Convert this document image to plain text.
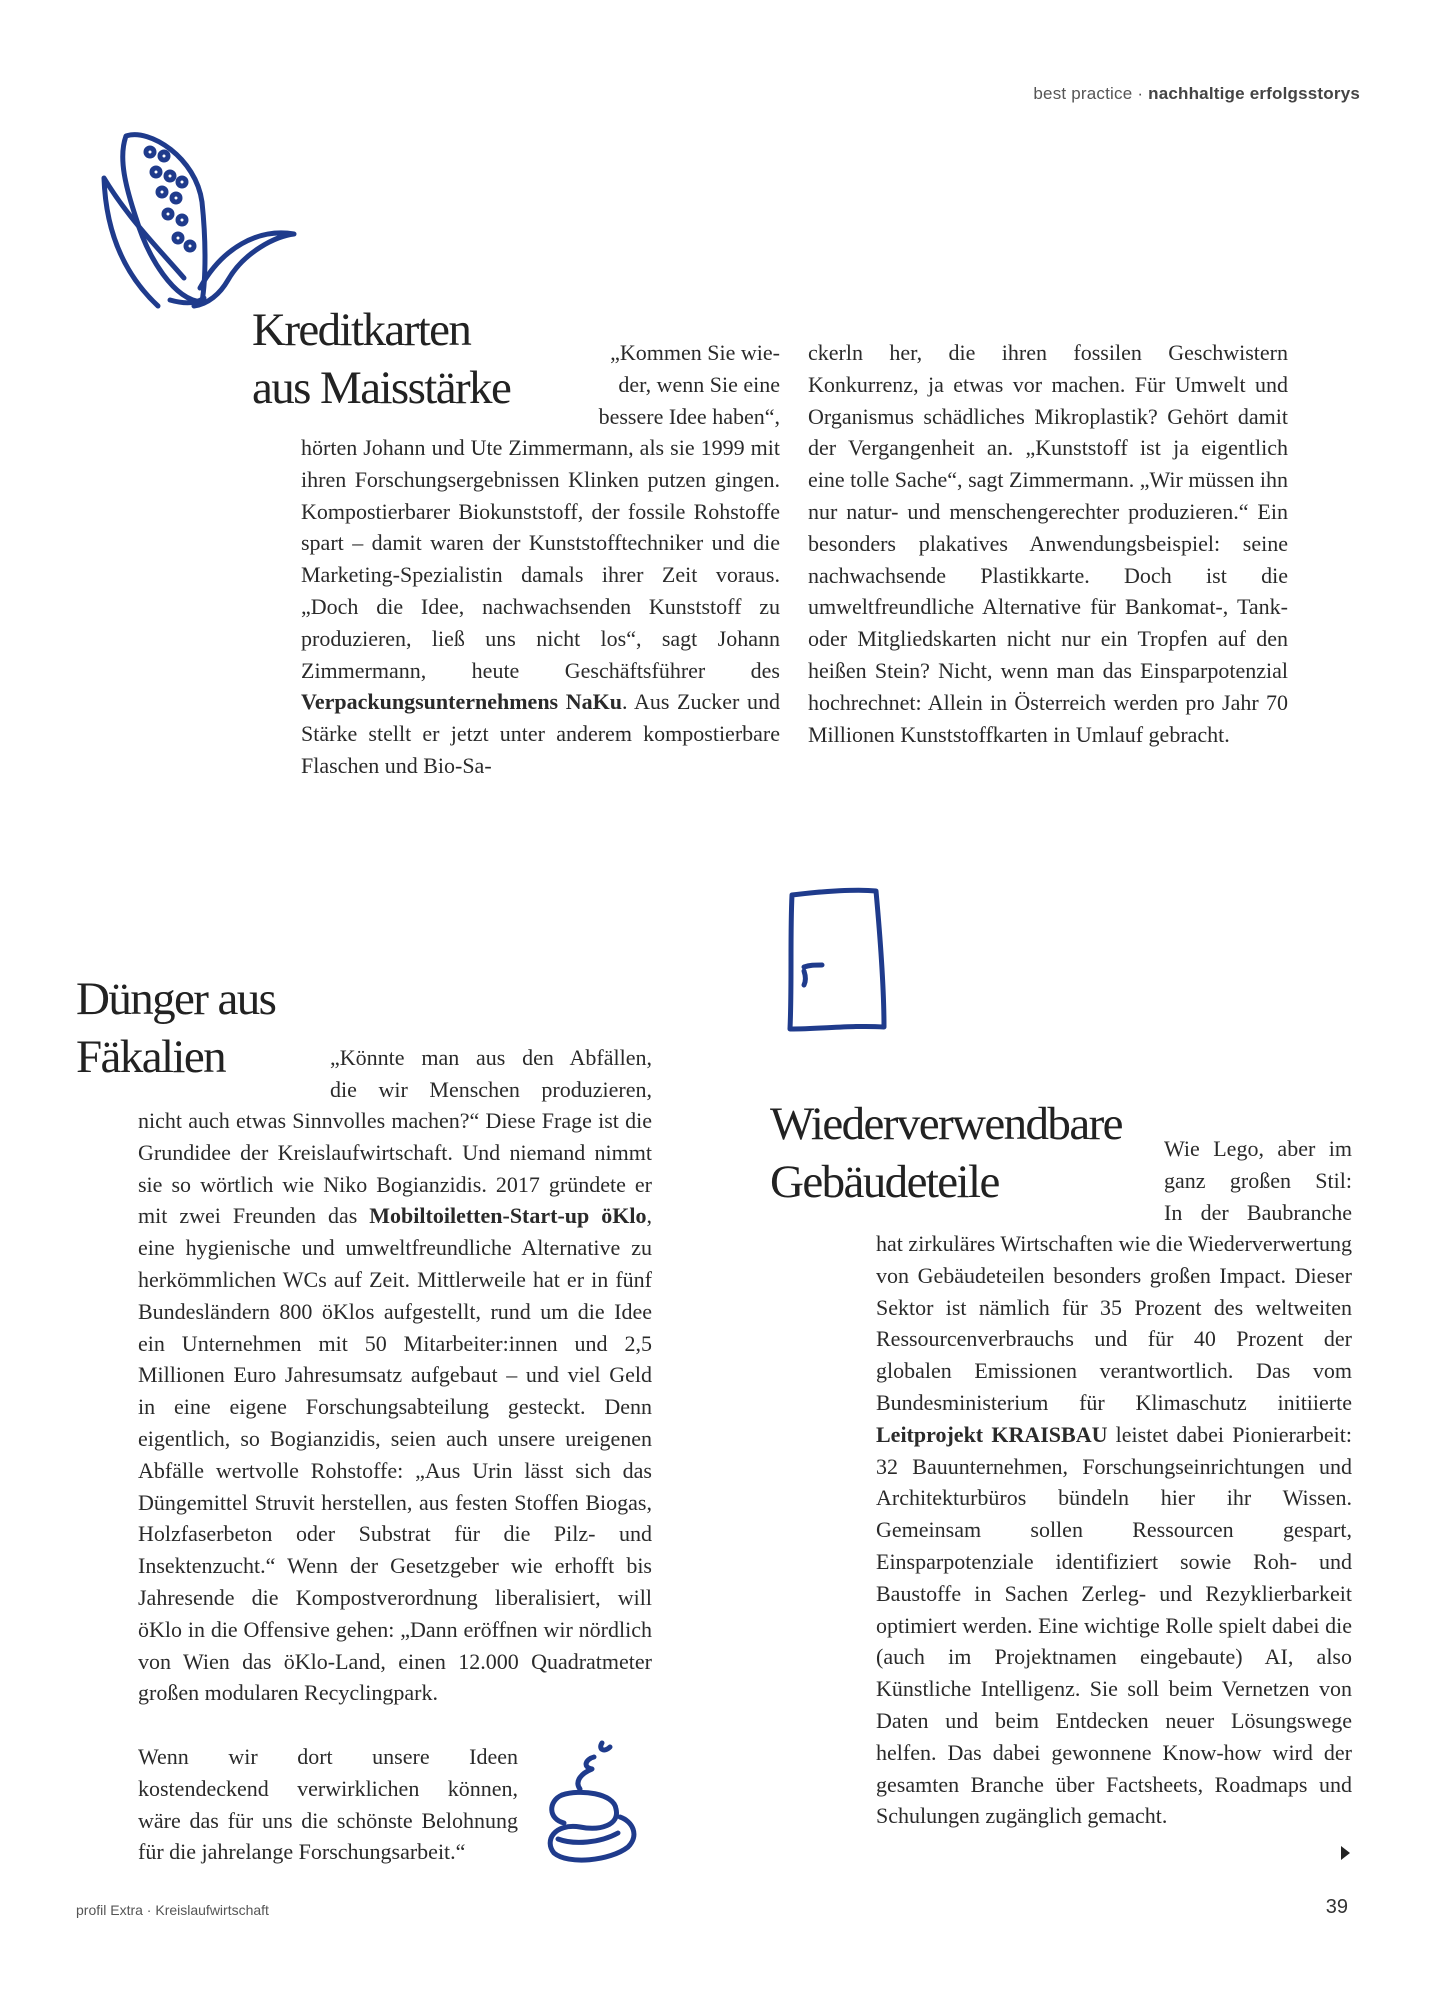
best practice · nachhaltige erfolgsstorys
Kreditkarten
aus Maisstärke

„Kommen Sie wie-
der, wenn Sie eine
bessere Idee haben“,

hörten Johann und Ute Zimmermann, als sie 1999 mit ihren Forschungsergebnissen Klinken putzen gingen. Kompostierbarer Biokunststoff, der fossile Rohstoffe spart – damit waren der Kunststofftechniker und die Marketing-Spezialistin damals ihrer Zeit voraus. „Doch die Idee, nachwachsenden Kunststoff zu produzieren, ließ uns nicht los“, sagt Johann Zimmermann, heute Geschäftsführer des Verpackungsunternehmens NaKu. Aus Zucker und Stärke stellt er jetzt unter anderem kompostierbare Flaschen und Bio-Sa-

ckerln her, die ihren fossilen Geschwistern Konkurrenz, ja etwas vor machen. Für Umwelt und Organismus schädliches Mikroplastik? Gehört damit der Vergangenheit an. „Kunststoff ist ja eigentlich eine tolle Sache“, sagt Zimmermann. „Wir müssen ihn nur natur- und menschengerechter produzieren.“ Ein besonders plakatives Anwendungsbeispiel: seine nachwachsende Plastikkarte. Doch ist die umweltfreundliche Alternative für Bankomat-, Tank- oder Mitgliedskarten nicht nur ein Tropfen auf den heißen Stein? Nicht, wenn man das Einsparpotenzial hochrechnet: Allein in Österreich werden pro Jahr 70 Millionen Kunststoffkarten in Umlauf gebracht.

Dünger aus
Fäkalien	„Könnte man aus den Abfällen,
die wir Menschen produzieren,

nicht auch etwas Sinnvolles machen?“ Diese Frage ist die Grundidee der Kreislaufwirtschaft. Und niemand nimmt sie so wörtlich wie Niko Bogianzidis. 2017 gründete er mit zwei Freunden das Mobiltoiletten-Start-up öKlo, eine hygienische und umweltfreundliche Alternative zu herkömmlichen WCs auf Zeit. Mittlerweile hat er in fünf Bundesländern 800 öKlos aufgestellt, rund um die Idee ein Unternehmen mit 50 Mitarbeiter:innen und 2,5 Millionen Euro Jahresumsatz aufgebaut – und viel Geld in eine eigene Forschungsabteilung gesteckt. Denn eigentlich, so Bogianzidis, seien auch unsere ureigenen Abfälle wertvolle Rohstoffe: „Aus Urin lässt sich das Düngemittel Struvit herstellen, aus festen Stoffen Biogas, Holzfaserbeton oder Substrat für die Pilz- und Insektenzucht.“ Wenn der Gesetzgeber wie erhofft bis Jahresende die Kompostverordnung liberalisiert, will öKlo in die Offensive gehen: „Dann eröffnen wir nördlich von Wien das öKlo-Land, einen 12.000 Quadratmeter großen modularen Recyclingpark.

Wenn wir dort unsere Ideen kostendeckend verwirklichen können, wäre das für uns die schönste Belohnung für die jahrelange Forschungsarbeit.“

Wiederverwendbare
Gebäudeteile

Wie Lego, aber im
ganz großen Stil:
In der Baubranche

hat zirkuläres Wirtschaften wie die Wiederverwertung von Gebäudeteilen besonders großen Impact. Dieser Sektor ist nämlich für 35 Prozent des weltweiten Ressourcenverbrauchs und für 40 Prozent der globalen Emissionen verantwortlich. Das vom Bundesministerium für Klimaschutz initiierte Leitprojekt KRAISBAU leistet dabei Pionierarbeit: 32 Bauunternehmen, Forschungseinrichtungen und Architekturbüros bündeln hier ihr Wissen. Gemeinsam sollen Ressourcen gespart, Einsparpotenziale identifiziert sowie Roh- und Baustoffe in Sachen Zerleg- und Rezyklierbarkeit optimiert werden. Eine wichtige Rolle spielt dabei die (auch im Projektnamen eingebaute) AI, also Künstliche Intelligenz. Sie soll beim Vernetzen von Daten und beim Entdecken neuer Lösungswege helfen. Das dabei gewonnene Know-how wird der gesamten Branche über Factsheets, Roadmaps und Schulungen zugänglich gemacht.

profil Extra · Kreislaufwirtschaft	39
